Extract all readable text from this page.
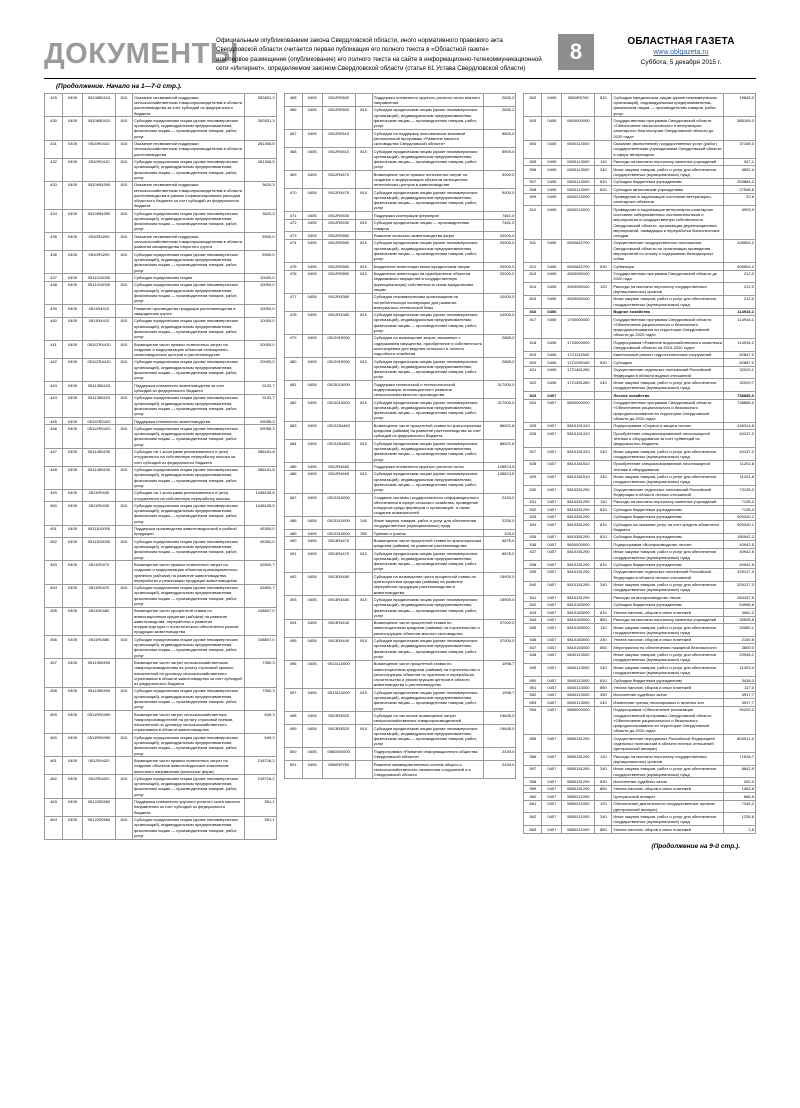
ДОКУМЕНТЫ
Официальным опубликованием закона Свердловской области, иного нормативного правового акта
Свердловской области считается первая публикация его полного текста в «Областной газете»
или первое размещение (опубликование) его полного текста на сайте в информационно-телекоммуникационной
сети «Интернет», определяемом законом Свердловской области (статья 61 Устава Свердловской области)
8	ОБЛАСТНАЯ ГАЗЕТА
www.oblgazeta.ru
Суббота, 5 декабря 2015 г.
(Продолжение. Начало на 1—7-й стр.).
429	0405	0510850410	810	Оказание несвязанной поддержки сельскохозяйственным товаропроизводителям в области растениеводства за счет субсидий из федерального бюджета	392831,3
430	0405	0510850410	810	Субсидии юридическим лицам (кроме некоммерческих организаций), индивидуальным предпринимателям, физическим лицам — производителям товаров, работ, услуг	392831,3
431	0405	0510R0410	810	Оказание несвязанной поддержки сельскохозяйственным товаропроизводителям в области растениеводства	281308,5
432	0405	0510R0410	810	Субсидии юридическим лицам (кроме некоммерческих организаций), индивидуальным предпринимателям, физическим лицам — производителям товаров, работ, услуг	281308,5
433	0405	0510954390	810	Оказание несвязанной поддержки сельскохозяйственным товаропроизводителям в области растениеводства в рамках софинансирования расходов областного бюджета за счет субсидий из федерального бюджета	3620,3
434	0405	0510954390	810	Субсидии юридическим лицам (кроме некоммерческих организаций), индивидуальным предпринимателям, физическим лицам — производителям товаров, работ, услуг	3620,3
435	0405	0510R4290	810	Оказание несвязанной поддержки сельскохозяйственным товаропроизводителям в области развития овощеводства открытого грунта	5900,0
436	0405	0510R4290	810	Субсидии юридическим лицам (кроме некоммерческих организаций), индивидуальным предпринимателям, физическим лицам — производителям товаров, работ, услуг	5900,0
437	0405	0511010000		Субсидии юридическим лицам	10000,0
438	0405	0511010000	810	Субсидии юридическим лицам (кроме некоммерческих организаций), индивидуальным предпринимателям, физическим лицам — производителям товаров, работ, услуг	10000,0
439	0405	0511R4410		Развитие производства продукции растениеводства в защищенном грунте	10000,0
440	0405	0511R4410	810	Субсидии юридическим лицам (кроме некоммерческих организаций), индивидуальным предпринимателям, физическим лицам — производителям товаров, работ, услуг	10000,0
441	0405	0511ZR4410	810	Возмещение части прямых понесенных затрат на создание и модернизацию объектов селекционно-семеноводческих центров в растениеводстве	20000,0
442	0405	0511ZR4410	810	Субсидии юридическим лицам (кроме некоммерческих организаций), индивидуальным предпринимателям, физическим лицам — производителям товаров, работ, услуг	20000,0
443	0405	0511350420		Поддержка племенного животноводства за счет субсидий из федерального бюджета	9132,7
444	0405	0511350420	810	Субсидии юридическим лицам (кроме некоммерческих организаций), индивидуальным предпринимателям, физическим лицам — производителям товаров, работ, услуг	9132,7
445	0405	0511ZR0420		Поддержка племенного животноводства	39055,3
446	0405	0511ZR0420	810	Субсидии юридическим лицам (кроме некоммерческих организаций), индивидуальным предпринимателям, физическим лицам — производителям товаров, работ, услуг	39055,3
447	0405	0511450430		Субсидии на 1 килограмм реализованного и (или) отгруженного на собственную переработку молока за счет субсидий из федерального бюджета	286181,8
448	0405	0511450430	810	Субсидии юридическим лицам (кроме некоммерческих организаций), индивидуальным предпринимателям, физическим лицам — производителям товаров, работ, услуг	286181,8
449	0405	0511R0430		Субсидии на 1 килограмм реализованного и (или) отгруженного на собственную переработку молока	1448106,5
450	0405	0511R0430	810	Субсидии юридическим лицам (кроме некоммерческих организаций), индивидуальным предпринимателям, физическим лицам — производителям товаров, работ, услуг	1448106,5
451	0405	0511510000		Поддержка производства животноводческой и рыбной продукции	45300,0
452	0405	0511510000	810	Субсидии юридическим лицам (кроме некоммерческих организаций), индивидуальным предпринимателям, физическим лицам — производителям товаров, работ, услуг	45300,0
453	0405	0511R0470		Возмещение части прямых понесенных затрат на создание и модернизацию объектов кратковременного хранения (зайчики) на развитие животноводства, переработки и реализации продукции животноводства	42800,7
454	0405	0511R0470	810	Субсидии юридическим лицам (кроме некоммерческих организаций), индивидуальным предпринимателям, физическим лицам — производителям товаров, работ, услуг	42800,7
455	0405	0511R0480		Возмещение части процентной ставки по инвестиционным кредитам (зайчики) на развитие животноводства, переработки и развития инфраструктуры и логистического обеспечения рынков продукции животноводства	108807,0
456	0405	0511R0480	810	Субсидии юридическим лицам (кроме некоммерческих организаций), индивидуальным предпринимателям, физическим лицам — производителям товаров, работ, услуг	108807,0
457	0405	0511950490		Возмещение части затрат сельскохозяйственным товаропроизводителям на уплату страховой премии, начисленной по договору сельскохозяйственного страхования в области животноводства за счет субсидий из федерального бюджета	7350,3
458	0405	0511950490	810	Субсидии юридическим лицам (кроме некоммерческих организаций), индивидуальным предпринимателям, физическим лицам — производителям товаров, работ, услуг	7350,3
459	0405	0511R90490		Возмещение части затрат сельскохозяйственных товаропроизводителей на уплату страховой премии, начисленной по договору сельскохозяйственного страхования в области животноводства	649,3
460	0405	0511R90490	810	Субсидии юридическим лицам (кроме некоммерческих организаций), индивидуальным предпринимателям, физическим лицам — производителям товаров, работ, услуг	649,3
461	0405	0512R4420		Возмещение части прямых понесенных затрат на создание объектов животноводческих комплексов молочного направления (молочных ферм)	218716,2
462	0405	0512R4420	810	Субсидии юридическим лицам (кроме некоммерческих организаций), индивидуальным предпринимателям, физическим лицам — производителям товаров, работ, услуг	218716,2
463	0405	0512250560		Поддержка племенного крупного рогатого скота мясного направления за счет субсидий из федерального бюджета	551,1
464	0405	0512250560	810	Субсидии юридическим лицам (кроме некоммерческих организаций), индивидуальным предпринимателям, физическим лицам — производителям товаров, работ, услуг	551,1
465	0405	0512R0500		Поддержка племенного крупного рогатого скота мясного направления	2830,2
466	0405	0512R0500	810	Субсидии юридическим лицам (кроме некоммерческих организаций), индивидуальным предпринимателям, физическим лицам — производителям товаров, работ, услуг	2830,2
467	0405	0512R0510		Субсидии на поддержку экономически значимой региональной программы «Развитие мясного скотоводства Свердловской области»	5500,0
468	0405	0512R0510	810	Субсидии юридическим лицам (кроме некоммерческих организаций), индивидуальным предпринимателям, физическим лицам — производителям товаров, работ, услуг	5500,0
469	0405	0512R4470		Возмещение части прямых понесенных затрат на создание и модернизацию объектов селекционно-генетических центров в животноводстве	9000,0
470	0405	0512R4470	810	Субсидии юридическим лицам (кроме некоммерческих организаций), индивидуальным предпринимателям, физическим лицам — производителям товаров, работ, услуг	9000,0
471	0405	0512R0530		Поддержка кооперации фермеров	7461,0
472	0405	0512R0530	810	Субсидии юридическим лицам — производителям товаров	7461,0
473	0405	0512R0550		Развитие сельского животноводства ферм	20000,0
474	0405	0512R0550	810	Субсидии юридическим лицам (кроме некоммерческих организаций), индивидуальным предпринимателям, физическим лицам — производителям товаров, работ, услуг	20000,0
475	0405	0512R0550	810	Бюджетные инвестиции иным юридическим лицам	20000,0
476	0405	0512R0550	810	Бюджетные инвестиции на приобретение объектов недвижимого имущества в государственную (муниципальную) собственность иным юридическим лицам	20000,0
477	0405	0512R4380		Субсидии некоммерческим организациям на потребительскую кооперацию для развития материально-технической базы	10000,0
478	0405	0512R4380	810	Субсидии юридическим лицам (кроме некоммерческих организаций), индивидуальным предпринимателям, физическим лицам — производителям товаров, работ, услуг	10000,0
479	0405	0512910000		Субсидии на возмещение затрат, связанных с содержанием имущества, приобретение и собственность используемых для ведения сельского и личного подсобного хозяйства	2865,2
480	0405	0512910000	810	Субсидии юридическим лицам (кроме некоммерческих организаций), индивидуальным предпринимателям, физическим лицам — производителям товаров, работ, услуг	2865,2
481	0405	0513010000		Поддержка технической и технологической модернизации, инновационного развития сельскохозяйственного производства	317000,0
482	0405	0513010000	810	Субсидии юридическим лицам (кроме некоммерческих организаций), индивидуальным предпринимателям, физическим лицам — производителям товаров, работ, услуг	317000,0
483	0405	0513254460		Возмещение части процентной ставки по краткосрочным кредитам (займам) на развитие растениеводства за счет субсидий из федерального бюджета	86921,8
484	0405	0513254460	810	Субсидии юридическим лицам (кроме некоммерческих организаций), индивидуальным предпринимателям, физическим лицам — производителям товаров, работ, услуг	86921,8
485	0405	0512R4460		Поддержка племенного крупного рогатого скота	105874,5
486	0405	0512R4460	810	Субсидии юридическим лицам (кроме некоммерческих организаций), индивидуальным предпринимателям, физическим лицам — производителям товаров, работ, услуг	105874,5
487	0405	0513310000		Создание системы государственного информационного обеспечения в сфере сельского хозяйства, проведение конкурсов среди фермеров и организаций, а также создание возможностей	2430,0
488	0405	0513310000	240	Иные закупки товаров, работ и услуг для обеспечения государственных (муниципальных) нужд	2330,0
489	0405	0513310000	350	Премии и гранты	100,0
490	0405	0513R4470		Возмещение части процентной ставки по краткосрочным кредитам (займам) на развитие растениеводства	6875,0
491	0405	0513R4470	810	Субсидии юридическим лицам (кроме некоммерческих организаций), индивидуальным предпринимателям, физическим лицам — производителям товаров, работ, услуг	6875,0
492	0405	0513R4480		Субсидии на возмещение части процентной ставки по краткосрочным кредитам (займам) на развитие переработки продукции растениеводства и животноводства	15900,0
493	0405	0513R4480	810	Субсидии юридическим лицам (кроме некоммерческих организаций), индивидуальным предпринимателям, физическим лицам — производителям товаров, работ, услуг	15900,0
494	0405	0513R4440		Возмещение части процентной ставки по инвестиционным кредитам (займам) на строительство и реконструкцию объектов мясного скотоводства	37000,0
495	0405	0513R4440	810	Субсидии юридическим лицам (кроме некоммерческих организаций), индивидуальным предпринимателям, физическим лицам — производителям товаров, работ, услуг	37000,0
496	0405	0513110000		Возмещение части процентной ставки по инвестиционным кредитам (займам) на строительство и реконструкцию объектов по хранению и переработке, строительство и реконструкцию центров в области животноводства и растениеводства	1998,7
497	0405	0513110000	810	Субсидии юридическим лицам (кроме некоммерческих организаций), индивидуальным предпринимателям, физическим лицам — производителям товаров, работ, услуг	1998,7
498	0405	0513R4520		Субсидии на частичное возмещение затрат сельскохозяйственных товаропроизводителей	19645,0
499	0405	0513R4520	810	Субсидии юридическим лицам (кроме некоммерческих организаций), индивидуальным предпринимателям, физическим лицам — производителям товаров, работ, услуг	19645,0
500	0405	0560000000		Подпрограмма «Развитие информационного общества Свердловской области»	2430,0
501	0405	0560R0760		Развитие межведомственных систем общего и сельскохозяйственного назначения сооружений и в Свердловской области	2430,0
502	0405	0560R0760	810	Субсидии юридическим лицам (кроме некоммерческих организаций), индивидуальным предпринимателям, физическим лицам — производителям товаров, работ, услуг	19845,0
503	0405	0600000000		Государственная программа Свердловской области «Обеспечение эпизоотического и ветеринарно-санитарного благополучия Свердловской области до 2020 года»	385169,3
504	0405	0600113000		Оказание (выполнение) государственных услуг (работ) государственными учреждениями Свердловской области в сфере ветеринарии	37158,0
505	0405	0600113000	110	Расходы на выплаты персоналу казенных учреждений	347,1
506	0405	0600113000	240	Иные закупки товаров, работ и услуг для обеспечения государственных (муниципальных) нужд	4552,4
507	0405	0600113000	610	Субсидии бюджетным учреждениям	253884,2
508	0405	0600113000	620	Субсидии автономным учреждениям	27598,6
509	0405	0600210000		Приведение в надлежащее состояние ветеринарно-санитарных объектов	22,6
510	0405	0600210000		Приведение в надлежащее ветеринарно-санитарное состояние сибиреязвенных скотомогильников и мероприятия в государственную собственность Свердловской области, организация дератизационных мероприятий, ликвидация и переработка биологических отходов	4903,9
511	0405	0600642700		Осуществление государственного полномочия Свердловской области по организации проведения мероприятий по отлову и содержанию безнадзорных собак	105504,2
512	0405	0600642700	530	Субвенции	905504,2
513	0405	4500059100		Государственная программа Свердловской области до 2020 года	212,0
514	0405	4500059100	120	Расходы на выплаты персоналу государственных (муниципальных) органов	212,0
515	0405	4500059100		Иные закупки товаров, работ и услуг для обеспечения государственных (муниципальных) нужд	212,0
516	0406			Водное хозяйство	114916,1
517	0406	1700000000		Государственная программа Свердловской области «Обеспечение рационального и безопасного природопользования на территории Свердловской области до 2020 года»	114916,1
518	0406	1720000000		Подпрограмма «Развитие водохозяйственного комплекса Свердловской области на 2014-2020 годы»	114916,1
519	0406	1721112500		Капитальный ремонт гидротехнических сооружений	82847,0
520	0406	1721290160	520	Субсидии	82887,0
521	0406	1721451280		Осуществление отдельных полномочий Российской Федерации в области водных отношений	32029,1
522	0406	1721451280	240	Иные закупки товаров, работ и услуг для обеспечения государственных (муниципальных) нужд	32029,7
523	0407			Лесное хозяйство	738856,0
524	0407	5800000000		Государственная программа Свердловской области «Обеспечение рационального и безопасного природопользования на территории Свердловской области до 2020 года»	738856,0
525	0407	5810151310		Подпрограмма «Охрана и защита лесов»	246314,8
526	0407	5810151310		Приобретение специализированной лесопожарной техники и оборудования за счет субвенций из федерального бюджета	40137,2
527	0407	5810151310	240	Иные закупки товаров, работ и услуг для обеспечения государственных (муниципальных) нужд	40137,2
528	0407	5810181510		Приобретение специализированной лесопожарной техники и оборудования	11201,8
529	0407	5810181510	240	Иные закупки товаров, работ и услуг для обеспечения государственных (муниципальных) нужд	11201,8
530	0407	5810251290		Осуществление отдельных полномочий Российской Федерации в области лесных отношений	73135,3
531	0407	5810251290	110	Расходы на выплаты персоналу казенных учреждений	7135,3
532	0407	5810251290	610	Субсидии бюджетным учреждениям	7135,3
533	0407	5810351290		Субсидии бюджетным учреждениям	500240,1
534	0407	5810351290	610	Субсидии на оказание услуг за счет средств областного бюджета	500240,1
535	0407	5810351290	610	Субсидии бюджетным учреждениям	150942,2
536	0407	5800000000		Подпрограмма «Воспроизводство лесов»	40942,5
537	0407	5810151290		Иные закупки товаров, работ и услуг для обеспечения государственных (муниципальных) нужд	40942,5
538	0407	5810151290	610	Субсидии бюджетным учреждениям	40942,5
539	0407	5810151290		Осуществление отдельных полномочий Российской Федерации в области лесных отношений	329127,3
540	0407	5810151290	240	Иные закупки товаров, работ и услуг для обеспечения государственных (муниципальных) нужд	329127,3
541	0407	5810151290		Расходы на воспроизводство лесов	284157,5
542	0407	5810183000		Субсидии бюджетным учреждениям	54956,6
543	0407	5810183000	610	Уплата налогов, сборов и иных платежей	3062,3
544	0407	5810183000	850	Расходы на выплаты персоналу казенных учреждений	30505,5
545	0407	5810183000	110	Иные закупки товаров, работ и услуг для обеспечения государственных (муниципальных) нужд	20080,1
546	0407	5810183000	240	Уплата налогов, сборов и иных платежей	2130,9
547	0407	5810183000	850	Мероприятия по обеспечению пожарной безопасности	3800,0
548	0407	5840113000		Иные закупки товаров, работ и услуг для обеспечения государственных (муниципальных) нужд	20948,1
549	0407	5840113000	240	Иные закупки товаров, работ и услуг для обеспечения государственных (муниципальных) нужд	11393,4
550	0407	5840113000	610	Субсидии бюджетным учреждениям	3438,3
551	0407	5840113000	850	Уплата налогов, сборов и иных платежей	117,0
552	0407	5840113000	350	Исполнение судебных актов	3917,7
553	0407	5840113000	240	Изменение границ лесопарковых и зеленых зон	3917,7
554	0407	5850000000		Подпрограмма «Обеспечение реализации государственной программы Свердловской области «Обеспечение рационального и безопасного природопользования на территории Свердловской области до 2020 года»	90293,2
555	0407	5850151290		Осуществление переданных Российской Федерацией отдельных полномочий в области лесных отношений (центральный аппарат)	804012,0
556	0407	5850151290	120	Расходы на выплаты персоналу государственных (муниципальных) органов	71528,7
557	0407	5850151290	240	Иные закупки товаров, работ и услуг для обеспечения государственных (муниципальных) нужд	8842,9
558	0407	5850151290	830	Исполнение судебных актов	200,0
559	0407	5850151290	850	Уплата налогов, сборов и иных платежей	1483,8
560	0407	5850211000		Центральный аппарат	888,5
561	0407	5850211000	120	Обеспечение деятельности государственных органов (центральный аппарат)	7345,2
562	0407	5850211000	240	Иные закупки товаров, работ и услуг для обеспечения государственных (муниципальных) нужд	1235,6
563	0407	5850211000	850	Уплата налогов, сборов и иных платежей	2,8
(Продолжение на 9-й стр.).
